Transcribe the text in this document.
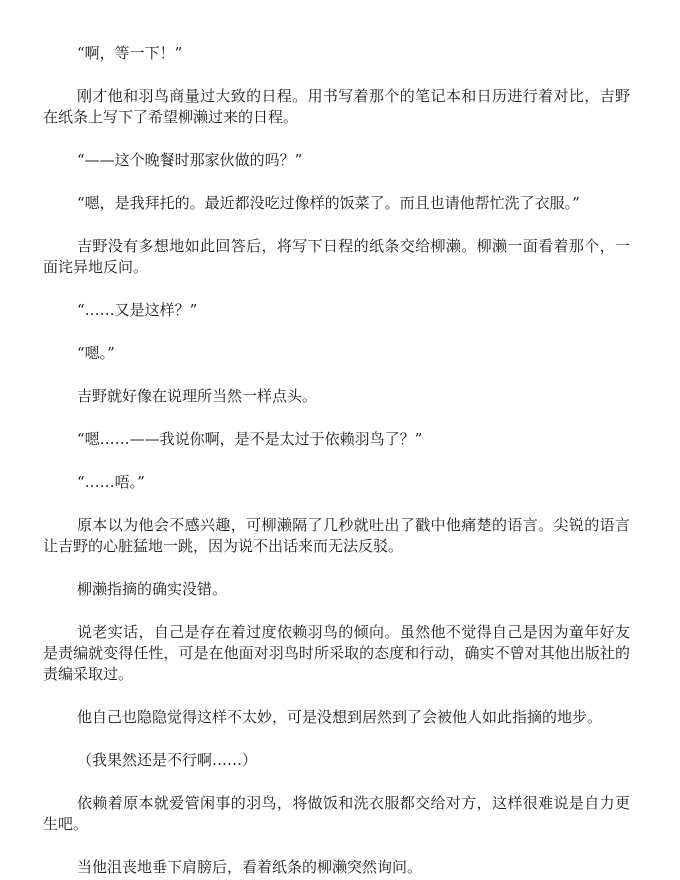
“啊，等一下！”

刚才他和羽鸟商量过大致的日程。用书写着那个的笔记本和日历进行着对比，吉野在纸条上写下了希望柳濑过来的日程。

“——这个晚餐时那家伙做的吗？”

“嗯，是我拜托的。最近都没吃过像样的饭菜了。而且也请他帮忙洗了衣服。”

吉野没有多想地如此回答后，将写下日程的纸条交给柳濑。柳濑一面看着那个，一面诧异地反问。

“……又是这样？”

“嗯。”

吉野就好像在说理所当然一样点头。

“嗯……——我说你啊，是不是太过于依赖羽鸟了？”

“……唔。”

原本以为他会不感兴趣，可柳濑隔了几秒就吐出了戳中他痛楚的语言。尖锐的语言让吉野的心脏猛地一跳，因为说不出话来而无法反驳。

柳濑指摘的确实没错。

说老实话，自己是存在着过度依赖羽鸟的倾向。虽然他不觉得自己是因为童年好友是责编就变得任性，可是在他面对羽鸟时所采取的态度和行动，确实不曾对其他出版社的责编采取过。

他自己也隐隐觉得这样不太妙，可是没想到居然到了会被他人如此指摘的地步。

（我果然还是不行啊……）

依赖着原本就爱管闲事的羽鸟，将做饭和洗衣服都交给对方，这样很难说是自力更生吧。

当他沮丧地垂下肩膀后，看着纸条的柳濑突然询问。
